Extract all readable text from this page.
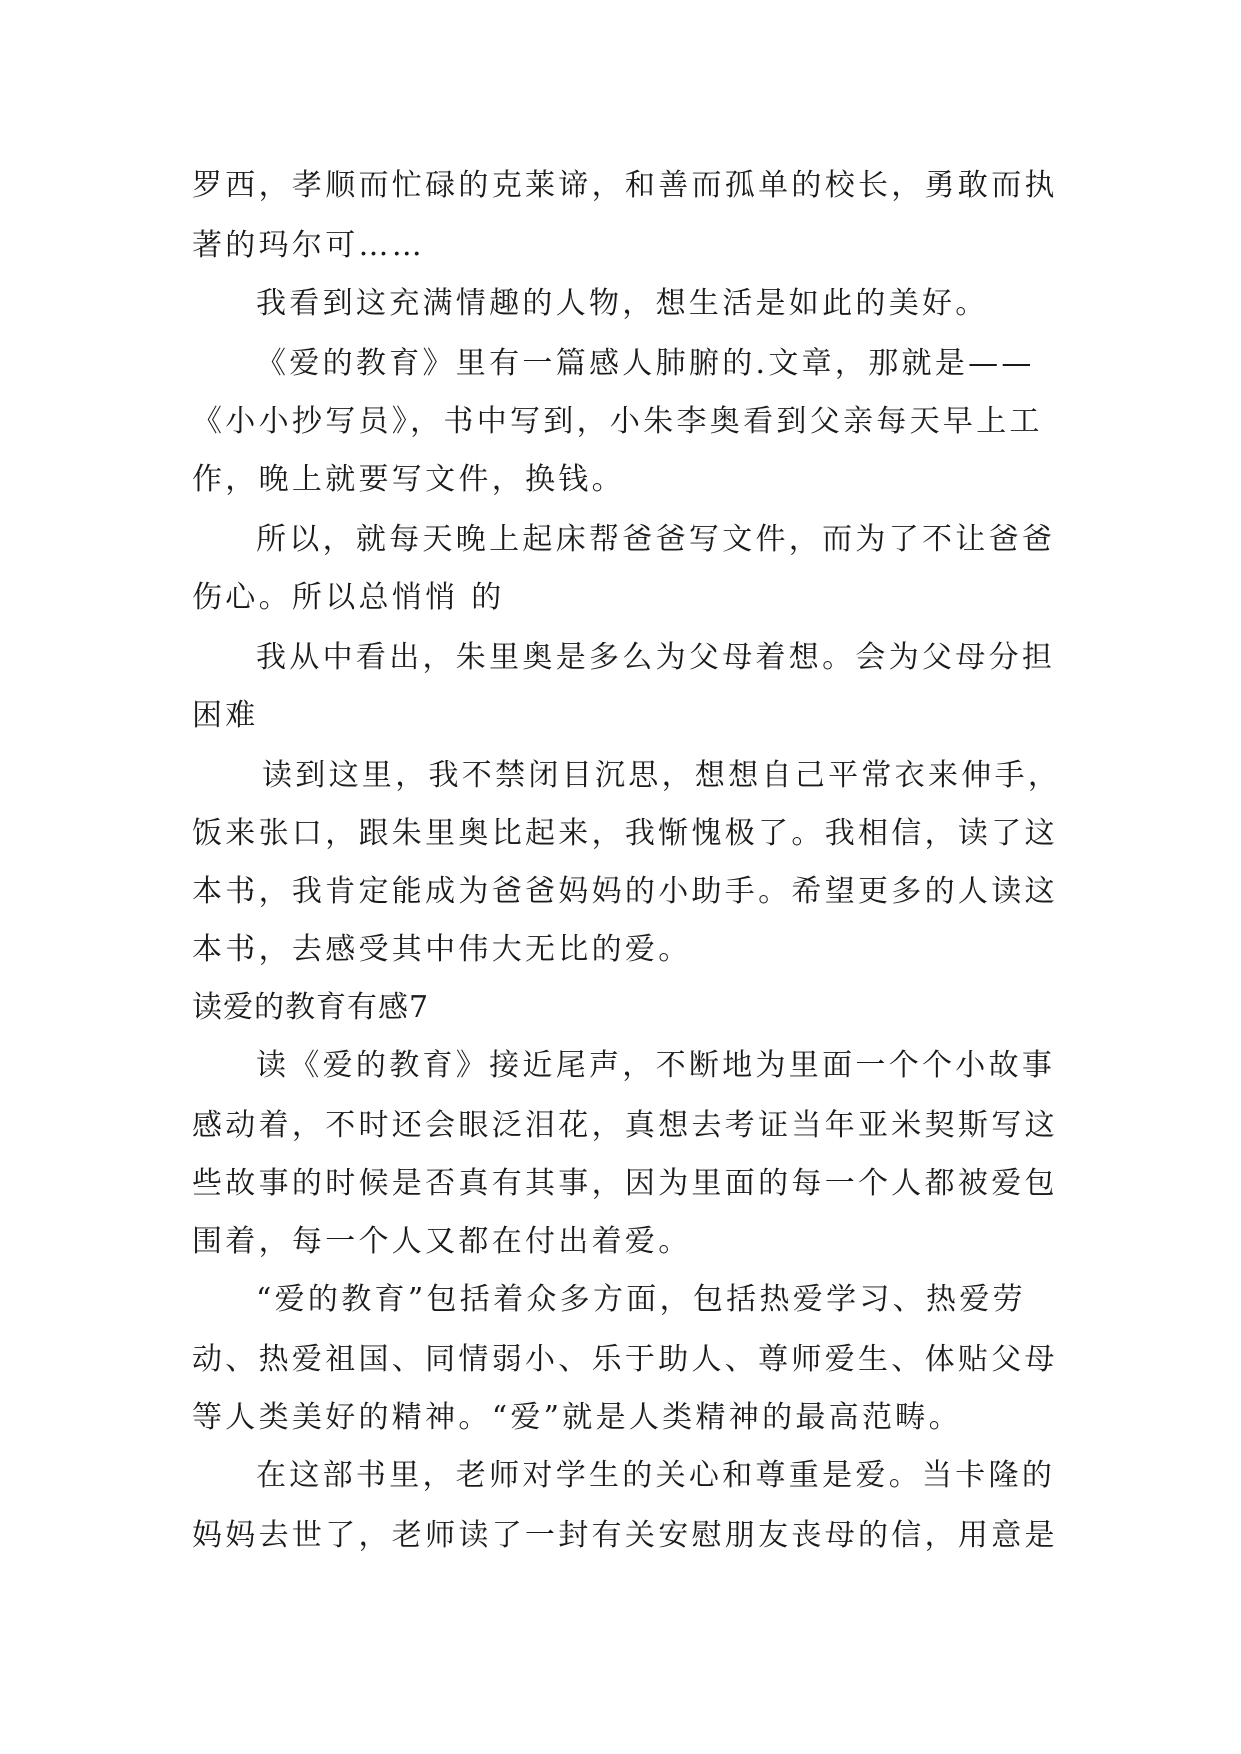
罗西，孝顺而忙碌的克莱谛，和善而孤单的校长，勇敢而执
著的玛尔可……
我看到这充满情趣的人物，想生活是如此的美好。
《爱的教育》里有一篇感人肺腑的.文章，那就是——
《小小抄写员》，书中写到，小朱李奥看到父亲每天早上工
作，晚上就要写文件，换钱。
所以，就每天晚上起床帮爸爸写文件，而为了不让爸爸
伤心。所以总悄悄 的
我从中看出，朱里奥是多么为父母着想。会为父母分担
困难
读到这里，我不禁闭目沉思，想想自己平常衣来伸手，
饭来张口，跟朱里奥比起来，我惭愧极了。我相信，读了这
本书，我肯定能成为爸爸妈妈的小助手。希望更多的人读这
本书，去感受其中伟大无比的爱。
读爱的教育有感7
读《爱的教育》接近尾声，不断地为里面一个个小故事
感动着，不时还会眼泛泪花，真想去考证当年亚米契斯写这
些故事的时候是否真有其事，因为里面的每一个人都被爱包
围着，每一个人又都在付出着爱。
“爱的教育”包括着众多方面，包括热爱学习、热爱劳
动、热爱祖国、同情弱小、乐于助人、尊师爱生、体贴父母
等人类美好的精神。“爱”就是人类精神的最高范畴。
在这部书里，老师对学生的关心和尊重是爱。当卡隆的
妈妈去世了，老师读了一封有关安慰朋友丧母的信，用意是
